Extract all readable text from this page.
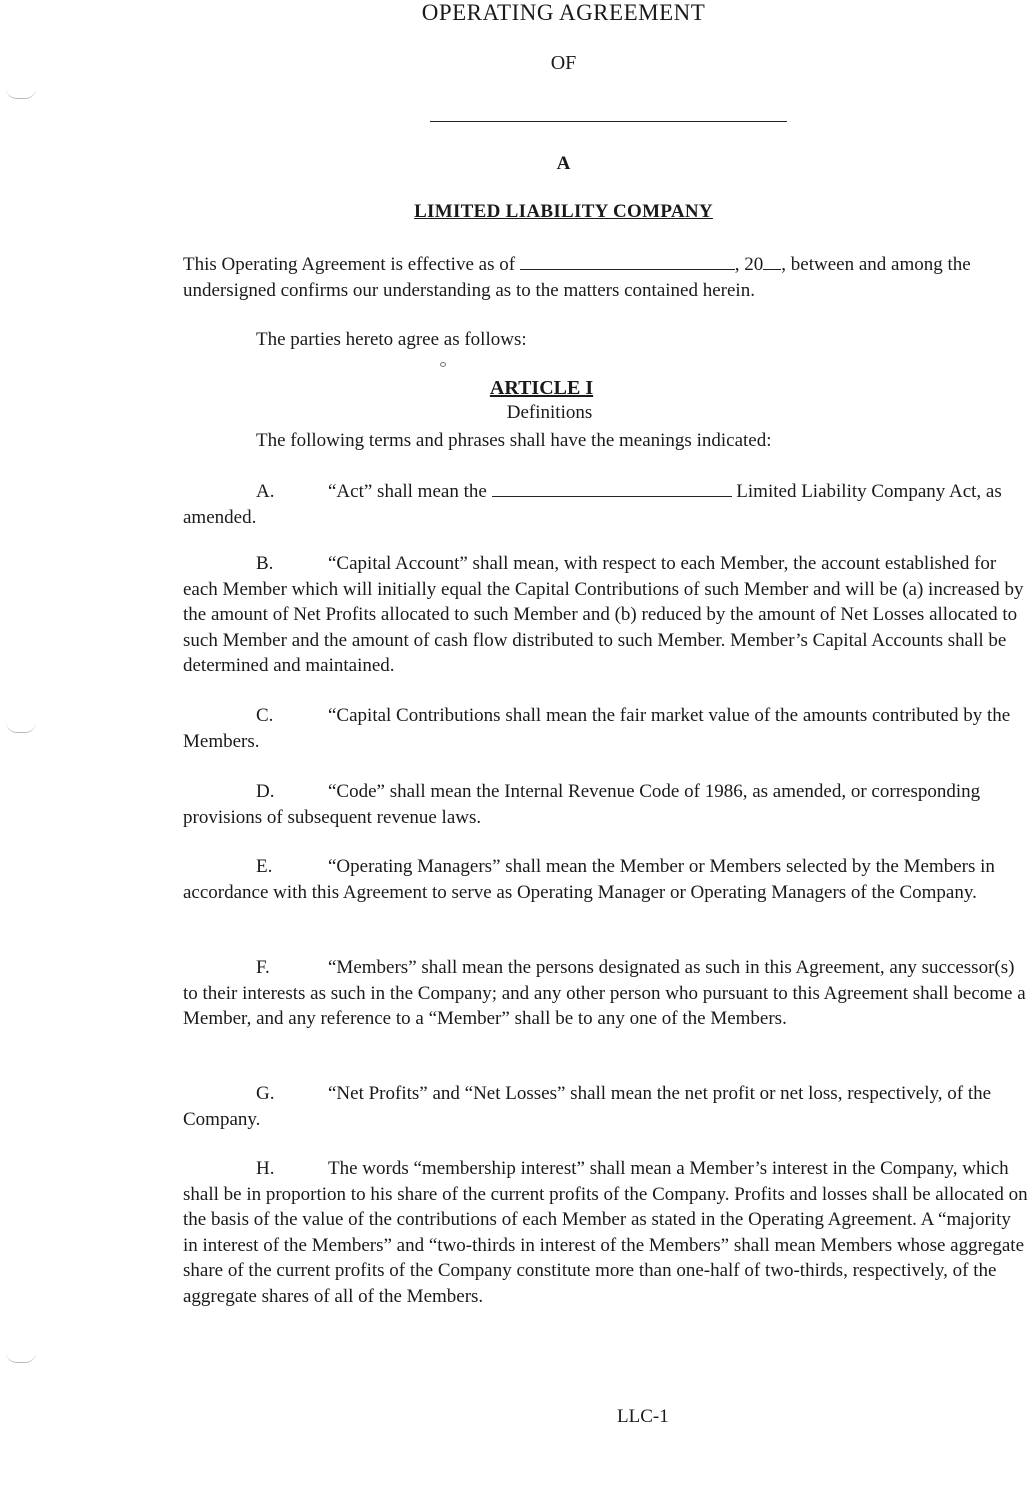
OPERATING AGREEMENT
OF
A
LIMITED LIABILITY COMPANY
This Operating Agreement is effective as of	, 20 , between and among the undersigned confirms our understanding as to the matters contained herein.
The parties hereto agree as follows:
ARTICLE I
Definitions
The following terms and phrases shall have the meanings indicated:
A.	“Act” shall mean the	Limited Liability Company Act, as amended.
B.	“Capital Account” shall mean, with respect to each Member, the account established for each Member which will initially equal the Capital Contributions of such Member and will be (a) increased by the amount of Net Profits allocated to such Member and (b) reduced by the amount of Net Losses allocated to such Member and the amount of cash flow distributed to such Member. Member’s Capital Accounts shall be determined and maintained.
C.	“Capital Contributions shall mean the fair market value of the amounts contributed by the Members.
D.	“Code” shall mean the Internal Revenue Code of 1986, as amended, or corresponding provisions of subsequent revenue laws.
E.	“Operating Managers” shall mean the Member or Members selected by the Members in accordance with this Agreement to serve as Operating Manager or Operating Managers of the Company.
F.	“Members” shall mean the persons designated as such in this Agreement, any successor(s) to their interests as such in the Company; and any other person who pursuant to this Agreement shall become a Member, and any reference to a “Member” shall be to any one of the Members.
G.	“Net Profits” and “Net Losses” shall mean the net profit or net loss, respectively, of the Company.
H.	The words “membership interest” shall mean a Member’s interest in the Company, which shall be in proportion to his share of the current profits of the Company. Profits and losses shall be allocated on the basis of the value of the contributions of each Member as stated in the Operating Agreement. A “majority in interest of the Members” and “two-thirds in interest of the Members” shall mean Members whose aggregate share of the current profits of the Company constitute more than one-half of two-thirds, respectively, of the aggregate shares of all of the Members.
LLC-1
